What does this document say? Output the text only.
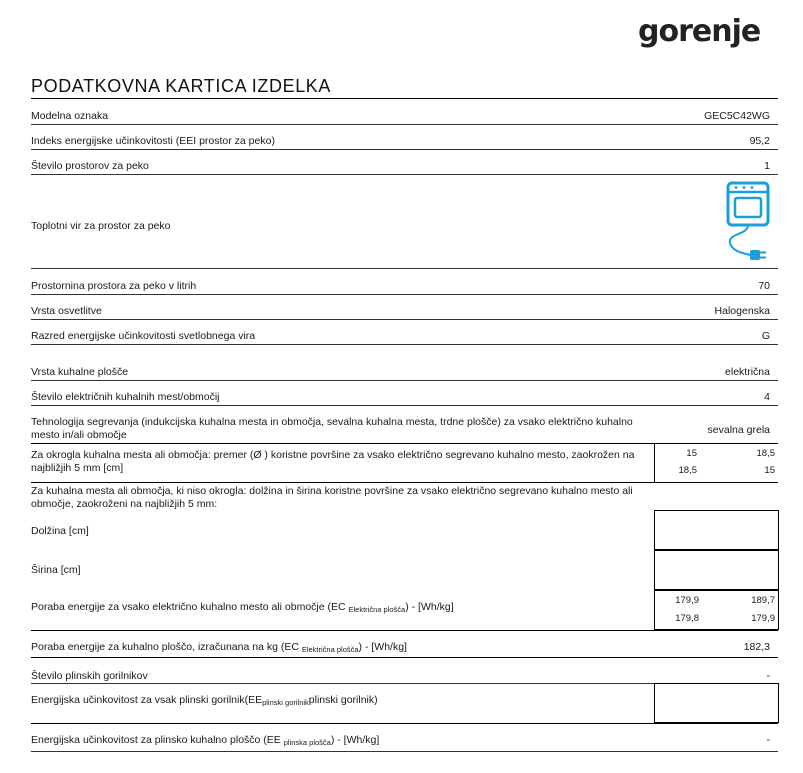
gorenje
PODATKOVNA KARTICA IZDELKA
Modelna oznaka	GEC5C42WG
Indeks energijske učinkovitosti (EEI prostor za peko)	95,2
Število prostorov za peko	1
Toplotni vir za prostor za peko
Prostornina prostora za peko v litrih	70
Vrsta osvetlitve	Halogenska
Razred energijske učinkovitosti svetlobnega vira	G
Vrsta kuhalne plošče	električna
Število električnih kuhalnih mest/območij	4
Tehnologija segrevanja (indukcijska kuhalna mesta in območja, sevalna kuhalna mesta, trdne plošče) za vsako električno kuhalno mesto in/ali območje	sevalna grela
Za okrogla kuhalna mesta ali območja: premer (Ø ) koristne površine za vsako električno segrevano kuhalno mesto, zaokrožen na najbližjih 5 mm [cm]
15	18,5
18,5	15
Za kuhalna mesta ali območja, ki niso okrogla: dolžina in širina koristne površine za vsako električno segrevano kuhalno mesto ali območje, zaokroženi na najbližjih 5 mm:
Dolžina [cm]
Širina [cm]
Poraba energije za vsako električno kuhalno mesto ali območje (EC $_{Električna plošča}$) - [Wh/kg]
179,9	189,7
179,8	179,9
Poraba energije za kuhalno ploščo, izračunana na kg (EC $_{Električna plošča}$) - [Wh/kg]	182,3
Število plinskih gorilnikov	-
Energijska učinkovitost za vsak plinski $gorilnik(EE_{plinski gorilnik}plinski$ gorilnik)
Energijska učinkovitost za plinsko kuhalno ploščo (EE $_{plinska plošča}$) - [Wh/kg]	-
